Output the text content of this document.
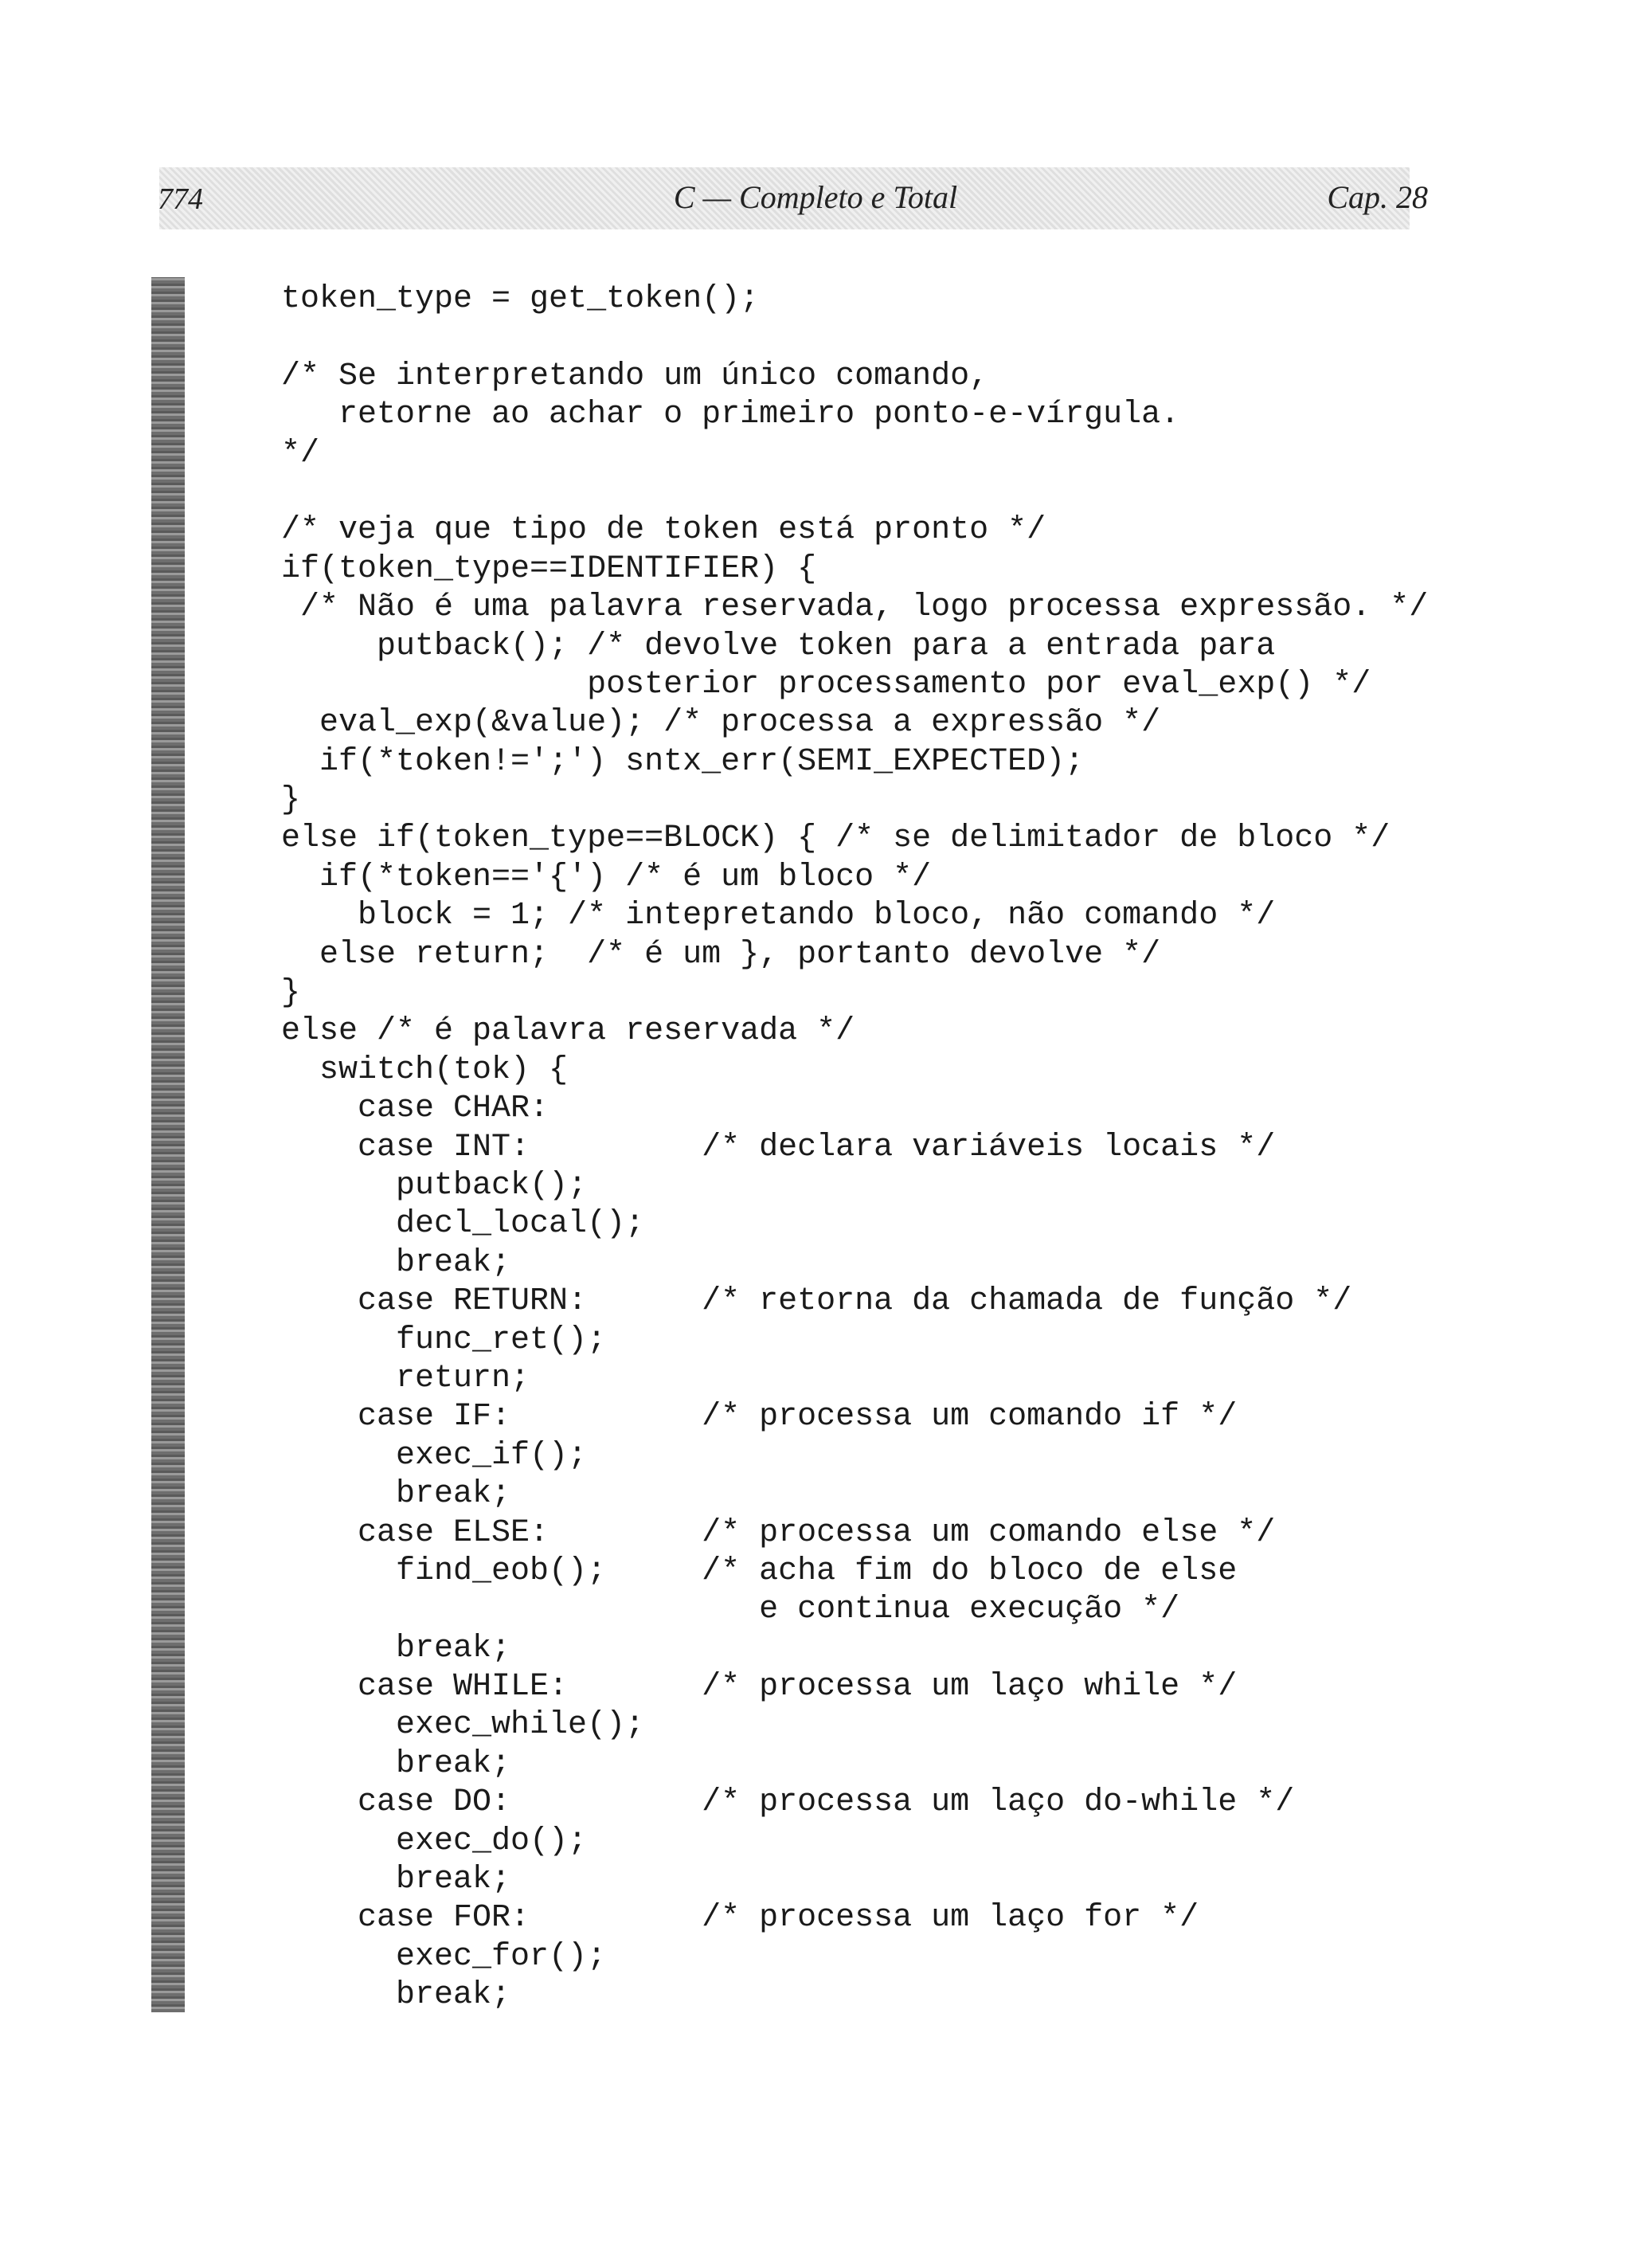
774	C — Completo e Total	Cap. 28
token_type = get_token();
/* Se interpretando um único comando,
retorne ao achar o primeiro ponto-e-vírgula.
*/
/* veja que tipo de token está pronto */
if(token_type==IDENTIFIER) {
/* Não é uma palavra reservada, logo processa expressão. */
putback(); /* devolve token para a entrada para
posterior processamento por eval_exp() */
eval_exp(&value); /* processa a expressão */
if(*token!=';') sntx_err(SEMI_EXPECTED);
}
else if(token_type==BLOCK) { /* se delimitador de bloco */
if(*token=='{') /* é um bloco */
block = 1; /* intepretando bloco, não comando */
else return;  /* é um }, portanto devolve */
}
else /* é palavra reservada */
switch(tok) {
case CHAR:
case INT:         /* declara variáveis locais */
putback();
decl_local();
break;
case RETURN:      /* retorna da chamada de função */
func_ret();
return;
case IF:          /* processa um comando if */
exec_if();
break;
case ELSE:        /* processa um comando else */
find_eob();     /* acha fim do bloco de else
e continua execução */
break;
case WHILE:       /* processa um laço while */
exec_while();
break;
case DO:          /* processa um laço do-while */
exec_do();
break;
case FOR:         /* processa um laço for */
exec_for();
break;
